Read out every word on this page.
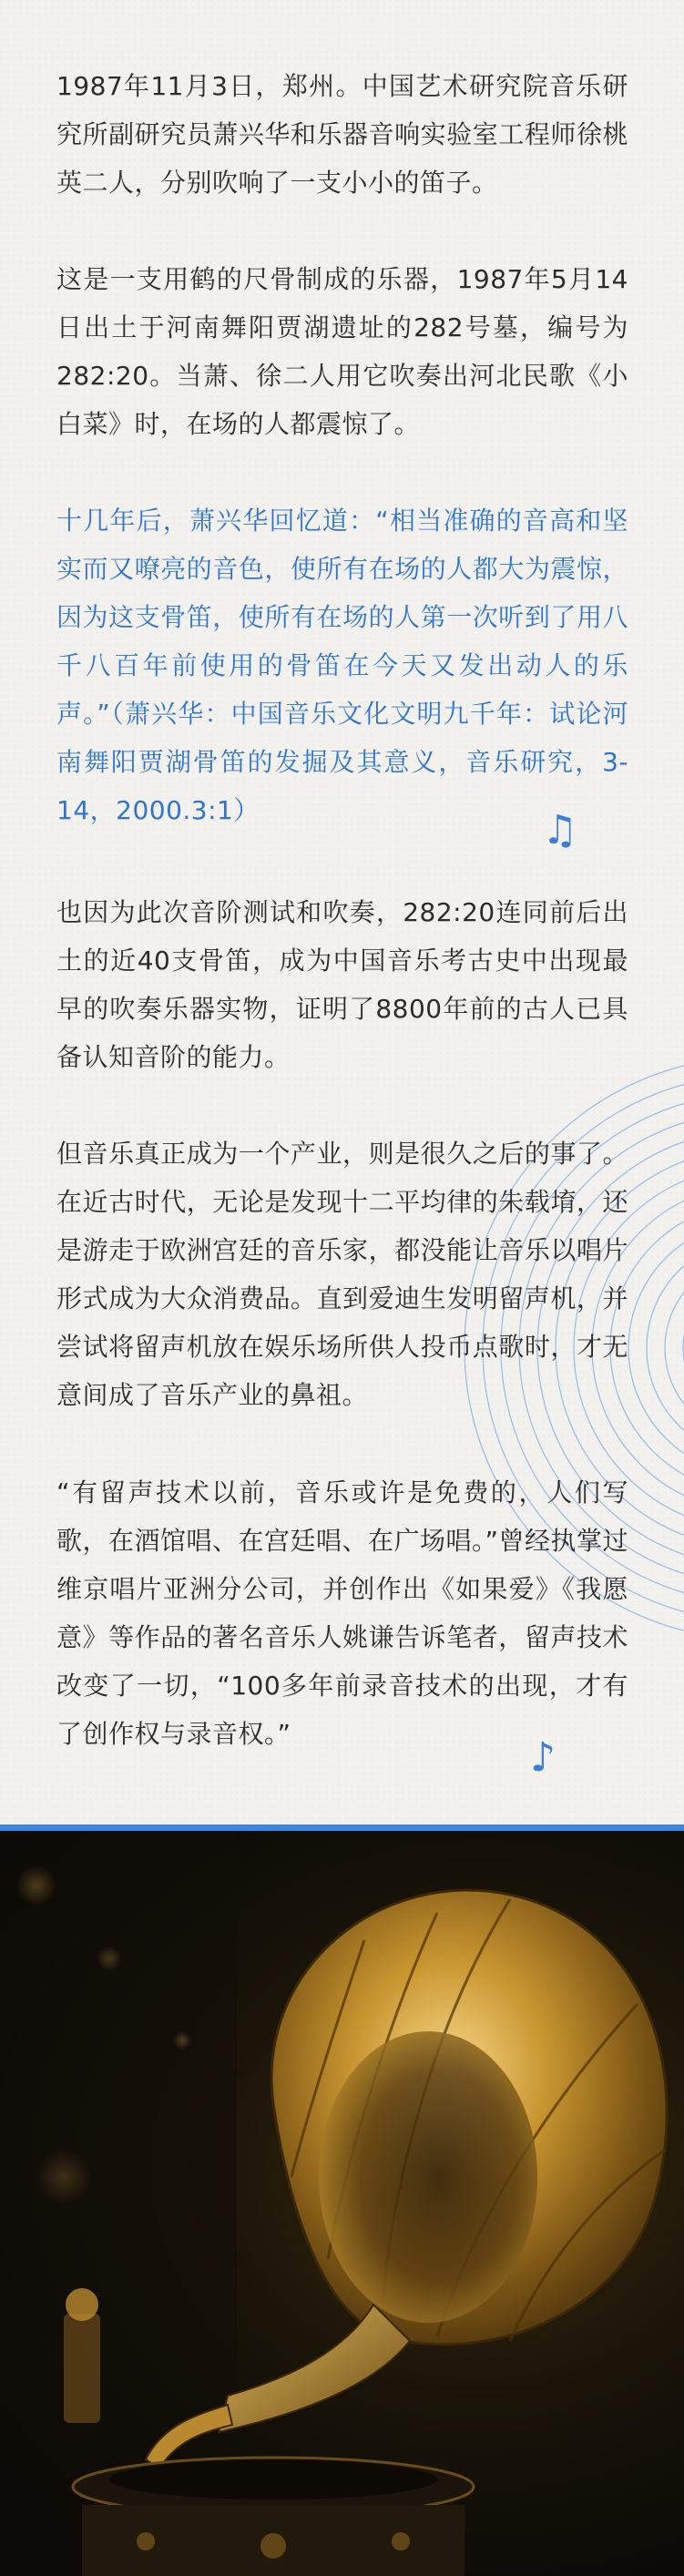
1987年11月3日，郑州。中国艺术研究院音乐研究所副研究员萧兴华和乐器音响实验室工程师徐桃英二人，分别吹响了一支小小的笛子。

这是一支用鹤的尺骨制成的乐器，1987年5月14日出土于河南舞阳贾湖遗址的282号墓，编号为282:20。当萧、徐二人用它吹奏出河北民歌《小白菜》时，在场的人都震惊了。

十几年后，萧兴华回忆道：“相当准确的音高和坚实而又嘹亮的音色，使所有在场的人都大为震惊，因为这支骨笛，使所有在场的人第一次听到了用八千八百年前使用的骨笛在今天又发出动人的乐声。”（萧兴华：中国音乐文化文明九千年：试论河南舞阳贾湖骨笛的发掘及其意义，音乐研究，3-14，2000.3:1）	♫

也因为此次音阶测试和吹奏，282:20连同前后出土的近40支骨笛，成为中国音乐考古史中出现最早的吹奏乐器实物，证明了8800年前的古人已具备认知音阶的能力。

但音乐真正成为一个产业，则是很久之后的事了。在近古时代，无论是发现十二平均律的朱载堉，还是游走于欧洲宫廷的音乐家，都没能让音乐以唱片形式成为大众消费品。直到爱迪生发明留声机，并尝试将留声机放在娱乐场所供人投币点歌时，才无意间成了音乐产业的鼻祖。

“有留声技术以前，音乐或许是免费的，人们写歌，在酒馆唱、在宫廷唱、在广场唱。”曾经执掌过维京唱片亚洲分公司，并创作出《如果爱》《我愿意》等作品的著名音乐人姚谦告诉笔者，留声技术改变了一切，“100多年前录音技术的出现，才有了创作权与录音权。”

♪
